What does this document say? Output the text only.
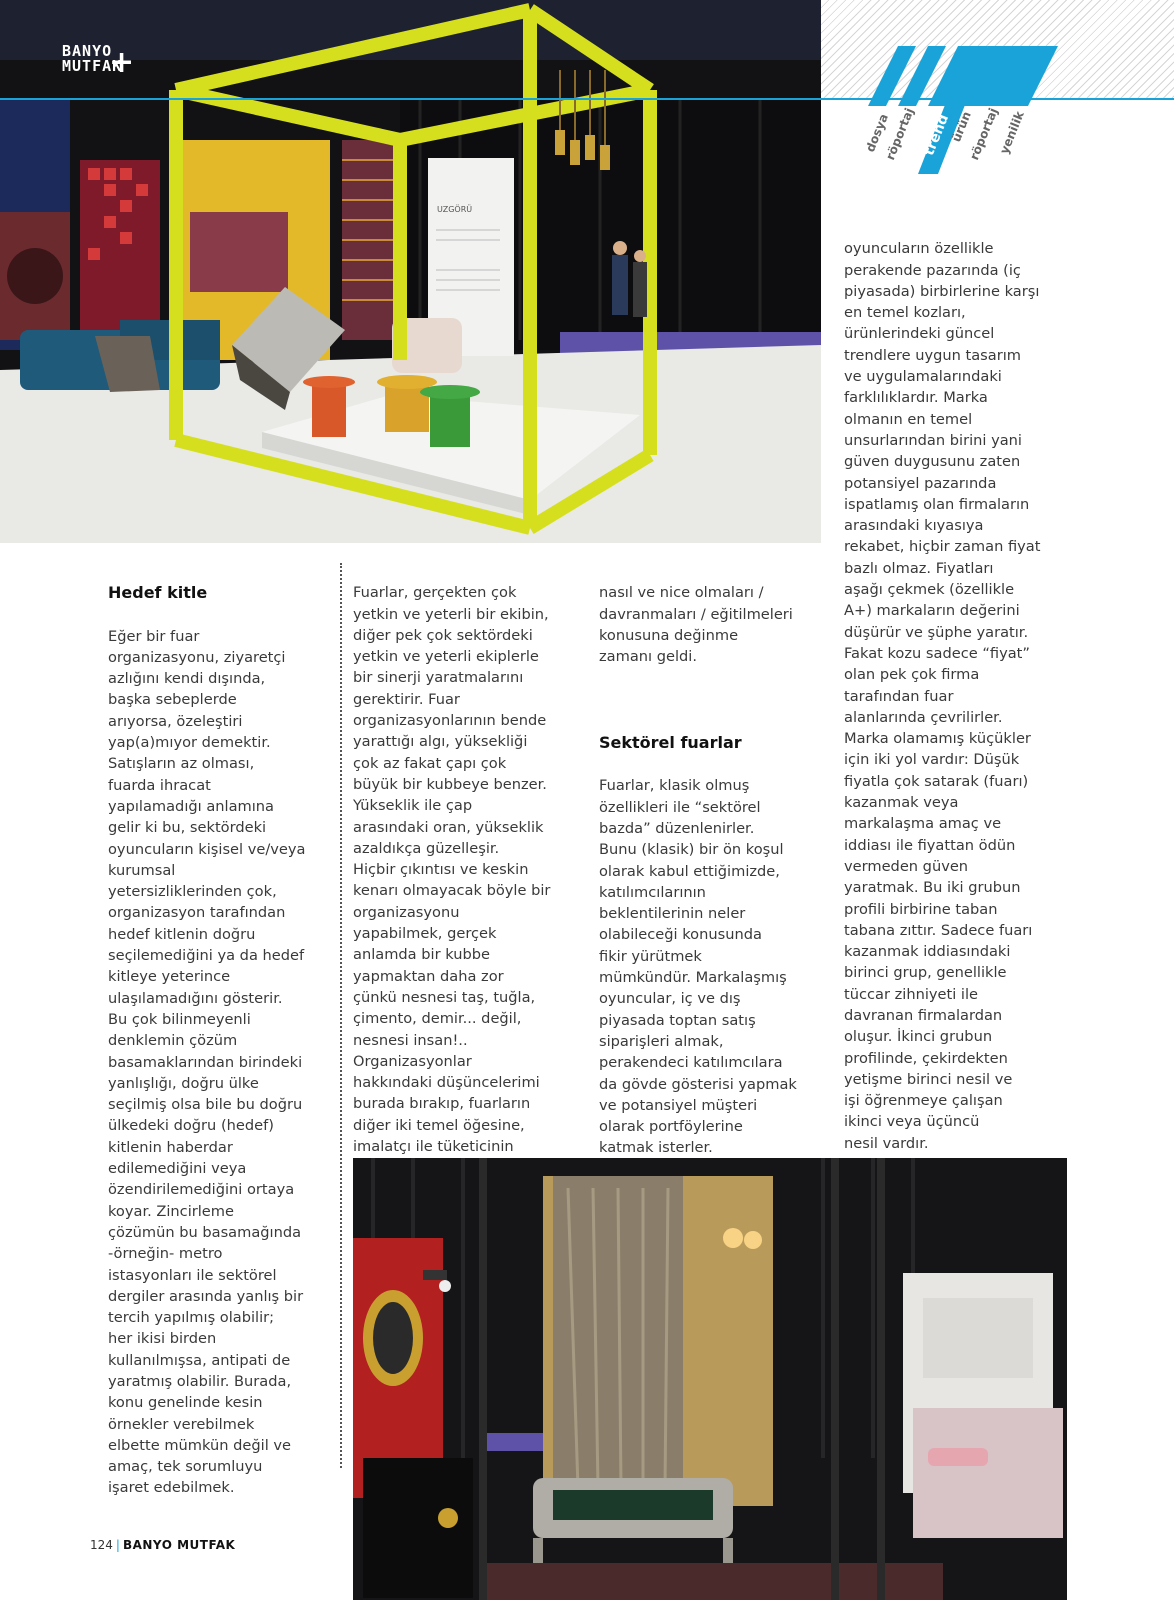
UZGÖRÜ
BANYO
MUTFAK
+
dosya
röportaj trend
ürün
röportaj
yenilik

oyuncuların özellikle
perakende pazarında (iç
piyasada) birbirlerine karşı
en temel kozları,
ürünlerindeki güncel
trendlere uygun tasarım
ve uygulamalarındaki
farklılıklardır. Marka
olmanın en temel
unsurlarından birini yani
güven duygusunu zaten
potansiyel pazarında
ispatlamış olan firmaların
arasındaki kıyasıya
rekabet, hiçbir zaman fiyat
bazlı olmaz. Fiyatları
aşağı çekmek (özellikle
A+) markaların değerini
düşürür ve şüphe yaratır.
Fakat kozu sadece “fiyat”
olan pek çok firma
tarafından fuar
alanlarında çevrilirler.
Marka olamamış küçükler
için iki yol vardır: Düşük
fiyatla çok satarak (fuarı)
kazanmak veya
markalaşma amaç ve
iddiası ile fiyattan ödün
vermeden güven
yaratmak. Bu iki grubun
profili birbirine taban
tabana zıttır. Sadece fuarı
kazanmak iddiasındaki
birinci grup, genellikle
tüccar zihniyeti ile
davranan firmalardan
oluşur. İkinci grubun
profilinde, çekirdekten
yetişme birinci nesil ve
işi öğrenmeye çalışan
ikinci veya üçüncü
nesil vardır.

Hedef kitle

Eğer bir fuar
organizasyonu, ziyaretçi
azlığını kendi dışında,
başka sebeplerde
arıyorsa, özeleştiri
yap(a)mıyor demektir.
Satışların az olması,
fuarda ihracat
yapılamadığı anlamına
gelir ki bu, sektördeki
oyuncuların kişisel ve/veya
kurumsal
yetersizliklerinden çok,
organizasyon tarafından
hedef kitlenin doğru
seçilemediğini ya da hedef
kitleye yeterince
ulaşılamadığını gösterir.
Bu çok bilinmeyenli
denklemin çözüm
basamaklarından birindeki
yanlışlığı, doğru ülke
seçilmiş olsa bile bu doğru
ülkedeki doğru (hedef)
kitlenin haberdar
edilemediğini veya
özendirilemediğini ortaya
koyar. Zincirleme
çözümün bu basamağında
-örneğin- metro
istasyonları ile sektörel
dergiler arasında yanlış bir
tercih yapılmış olabilir;
her ikisi birden
kullanılmışsa, antipati de
yaratmış olabilir. Burada,
konu genelinde kesin
örnekler verebilmek
elbette mümkün değil ve
amaç, tek sorumluyu
işaret edebilmek.

Fuarlar, gerçekten çok
yetkin ve yeterli bir ekibin,
diğer pek çok sektördeki
yetkin ve yeterli ekiplerle
bir sinerji yaratmalarını
gerektirir. Fuar
organizasyonlarının bende
yarattığı algı, yüksekliği
çok az fakat çapı çok
büyük bir kubbeye benzer.
Yükseklik ile çap
arasındaki oran, yükseklik
azaldıkça güzelleşir.
Hiçbir çıkıntısı ve keskin
kenarı olmayacak böyle bir
organizasyonu
yapabilmek, gerçek
anlamda bir kubbe
yapmaktan daha zor
çünkü nesnesi taş, tuğla,
çimento, demir... değil,
nesnesi insan!..
Organizasyonlar
hakkındaki düşüncelerimi
burada bırakıp, fuarların
diğer iki temel öğesine,
imalatçı ile tüketicinin

nasıl ve nice olmaları /
davranmaları / eğitilmeleri
konusuna değinme
zamanı geldi.

Sektörel fuarlar

Fuarlar, klasik olmuş
özellikleri ile “sektörel
bazda” düzenlenirler.
Bunu (klasik) bir ön koşul
olarak kabul ettiğimizde,
katılımcılarının
beklentilerinin neler
olabileceği konusunda
fikir yürütmek
mümkündür. Markalaşmış
oyuncular, iç ve dış
piyasada toptan satış
siparişleri almak,
perakendeci katılımcılara
da gövde gösterisi yapmak
ve potansiyel müşteri
olarak portföylerine
katmak isterler.

124 | BANYO MUTFAK
